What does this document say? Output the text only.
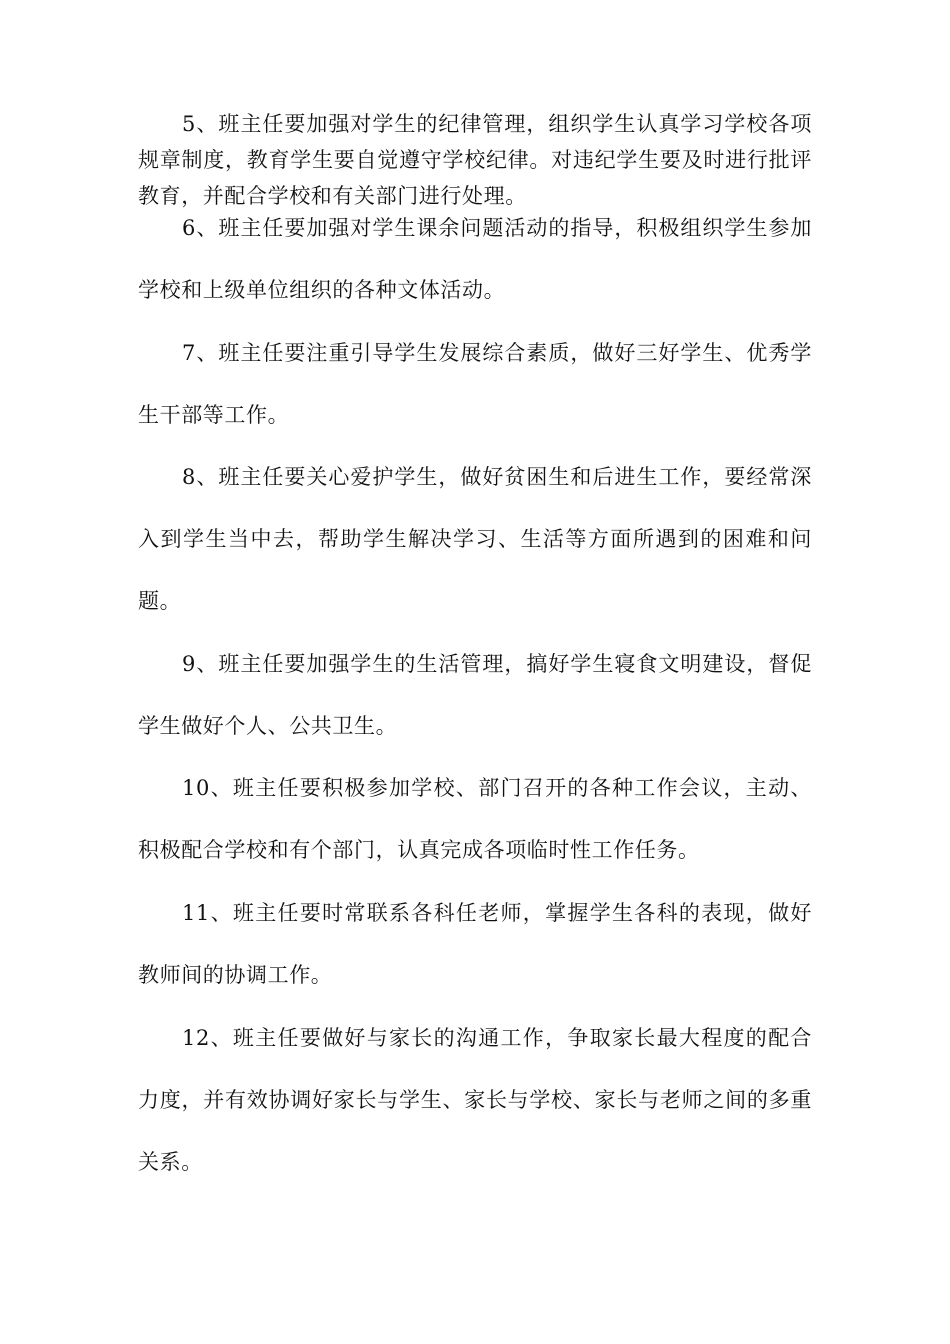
5、班主任要加强对学生的纪律管理，组织学生认真学习学校各项规章制度，教育学生要自觉遵守学校纪律。对违纪学生要及时进行批评教育，并配合学校和有关部门进行处理。

6、班主任要加强对学生课余问题活动的指导，积极组织学生参加学校和上级单位组织的各种文体活动。

7、班主任要注重引导学生发展综合素质，做好三好学生、优秀学生干部等工作。

8、班主任要关心爱护学生，做好贫困生和后进生工作，要经常深入到学生当中去，帮助学生解决学习、生活等方面所遇到的困难和问题。

9、班主任要加强学生的生活管理，搞好学生寝食文明建设，督促学生做好个人、公共卫生。

10、班主任要积极参加学校、部门召开的各种工作会议，主动、积极配合学校和有个部门，认真完成各项临时性工作任务。

11、班主任要时常联系各科任老师，掌握学生各科的表现，做好教师间的协调工作。

12、班主任要做好与家长的沟通工作，争取家长最大程度的配合力度，并有效协调好家长与学生、家长与学校、家长与老师之间的多重关系。
